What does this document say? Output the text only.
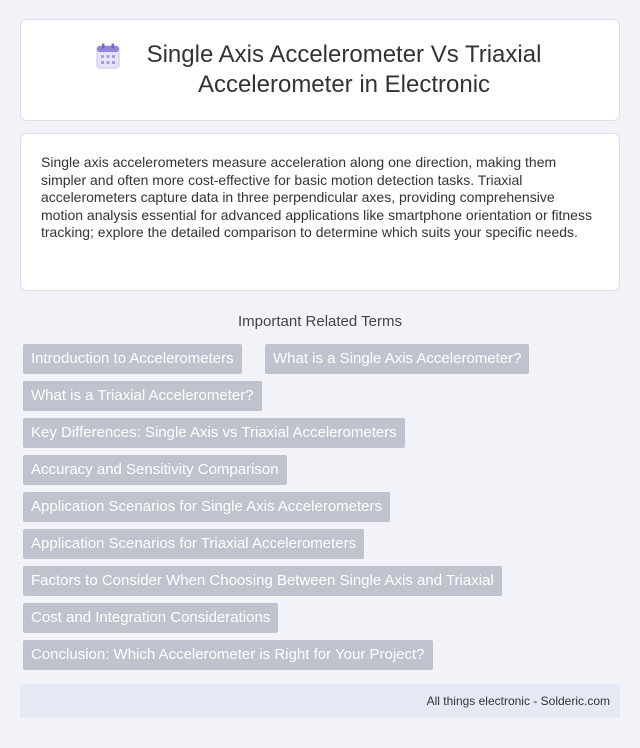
Single Axis Accelerometer Vs Triaxial Accelerometer in Electronic

Single axis accelerometers measure acceleration along one direction, making them simpler and often more cost-effective for basic motion detection tasks. Triaxial accelerometers capture data in three perpendicular axes, providing comprehensive motion analysis essential for advanced applications like smartphone orientation or fitness tracking; explore the detailed comparison to determine which suits your specific needs.

Important Related Terms
Introduction to Accelerometers	What is a Single Axis Accelerometer?
What is a Triaxial Accelerometer?
Key Differences: Single Axis vs Triaxial Accelerometers
Accuracy and Sensitivity Comparison
Application Scenarios for Single Axis Accelerometers
Application Scenarios for Triaxial Accelerometers
Factors to Consider When Choosing Between Single Axis and Triaxial
Cost and Integration Considerations
Conclusion: Which Accelerometer is Right for Your Project?
All things electronic - Solderic.com
